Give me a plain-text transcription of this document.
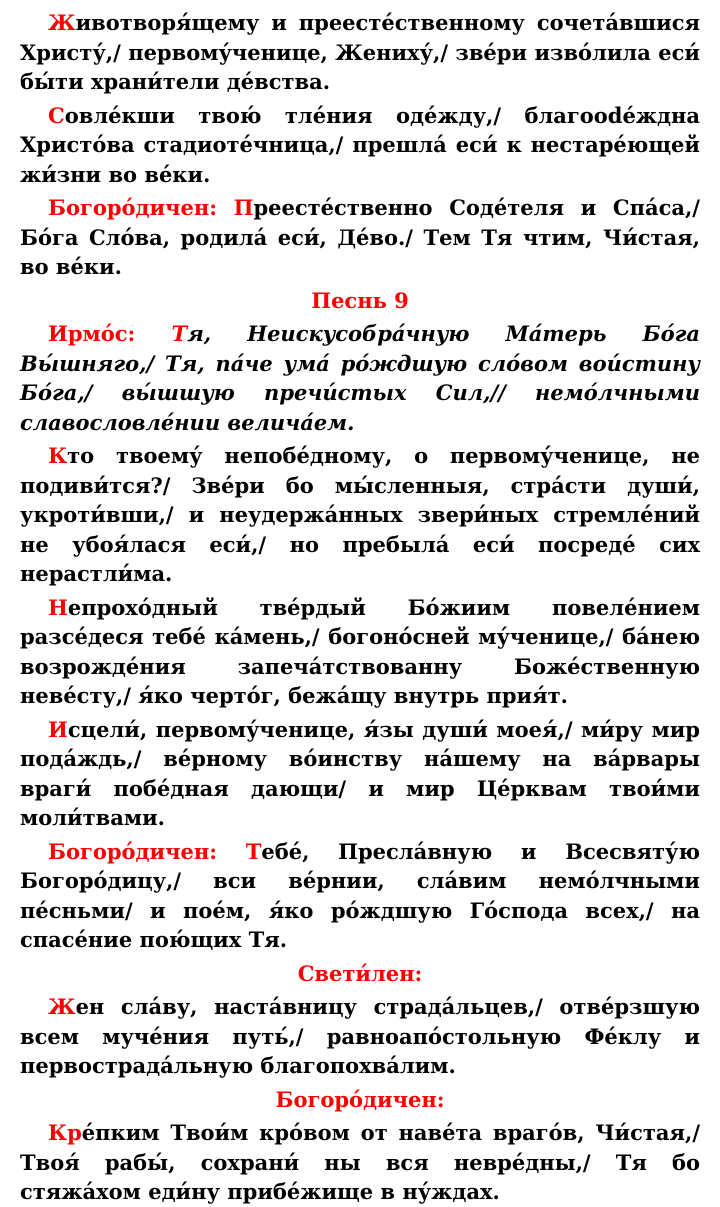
Животворя́щему и преесте́ственному сочета́вшися Христу́,/ первому́ченице, Жениху́,/ зве́ри изво́лила еси́ бы́ти храни́тели де́вства.

Совле́кши твою́ тле́ния оде́жду,/ благоodéждна Христо́ва стадиоте́чница,/ прешла́ еси́ к нестаре́ющей жи́зни во ве́ки.

Богоро́дичен: Преесте́ственно Соде́теля и Спа́са,/ Бо́га Сло́ва, родила́ еси́, Де́во./ Тем Тя чтим, Чи́стая, во ве́ки.

Песнь 9

Ирмо́с: Тя, Неискусобра́чную Ма́терь Бо́га Вы́шняго,/ Тя, па́че ума́ ро́ждшую сло́вом вои́стину Бо́га,/ вы́шшую пречи́стых Сил,// немо́лчными славословле́нии велича́ем.

Кто твоему́ непобе́дному, о первому́ченице, не подиви́тся?/ Зве́ри бо мы́сленныя, стра́сти души́, укроти́вши,/ и неудержа́нных звери́ных стремле́ний не убоя́лася еси́,/ но пребыла́ еси́ посреде́ сих нерастли́ма.

Непрохо́дный тве́рдый Бо́жиим повеле́нием разсе́деся тебе́ ка́мень,/ богоно́сней му́ченице,/ ба́нею возрожде́ния запеча́тствованну Боже́ственную неве́сту,/ я́ко черто́г, бежа́щу внутрь прия́т.

Исцели́, первому́ченице, я́зы души́ моея́,/ ми́ру мир пода́ждь,/ ве́рному во́инству на́шему на ва́рвары враги́ побе́дная дающи/ и мир Це́рквам твои́ми моли́твами.

Богоро́дичен: Тебе́, Пресла́вную и Всесвяту́ю Богоро́дицу,/ вси ве́рнии, сла́вим немо́лчными пе́сньми/ и пое́м, я́ко ро́ждшую Го́спода всех,/ на спасе́ние пою́щих Тя.

Свети́лен:

Жен сла́ву, наста́вницу страда́льцев,/ отве́рзшую всем муче́ния путь́,/ равноапо́стольную Фе́клу и первострада́льную благопохва́лим.

Богоро́дичен:

Кре́пким Твои́м кро́вом от наве́та враго́в, Чи́стая,/ Твоя́ рабы́, сохрани́ ны вся невре́дны,/ Тя бо стяжа́хом еди́ну прибе́жище в ну́ждах.
